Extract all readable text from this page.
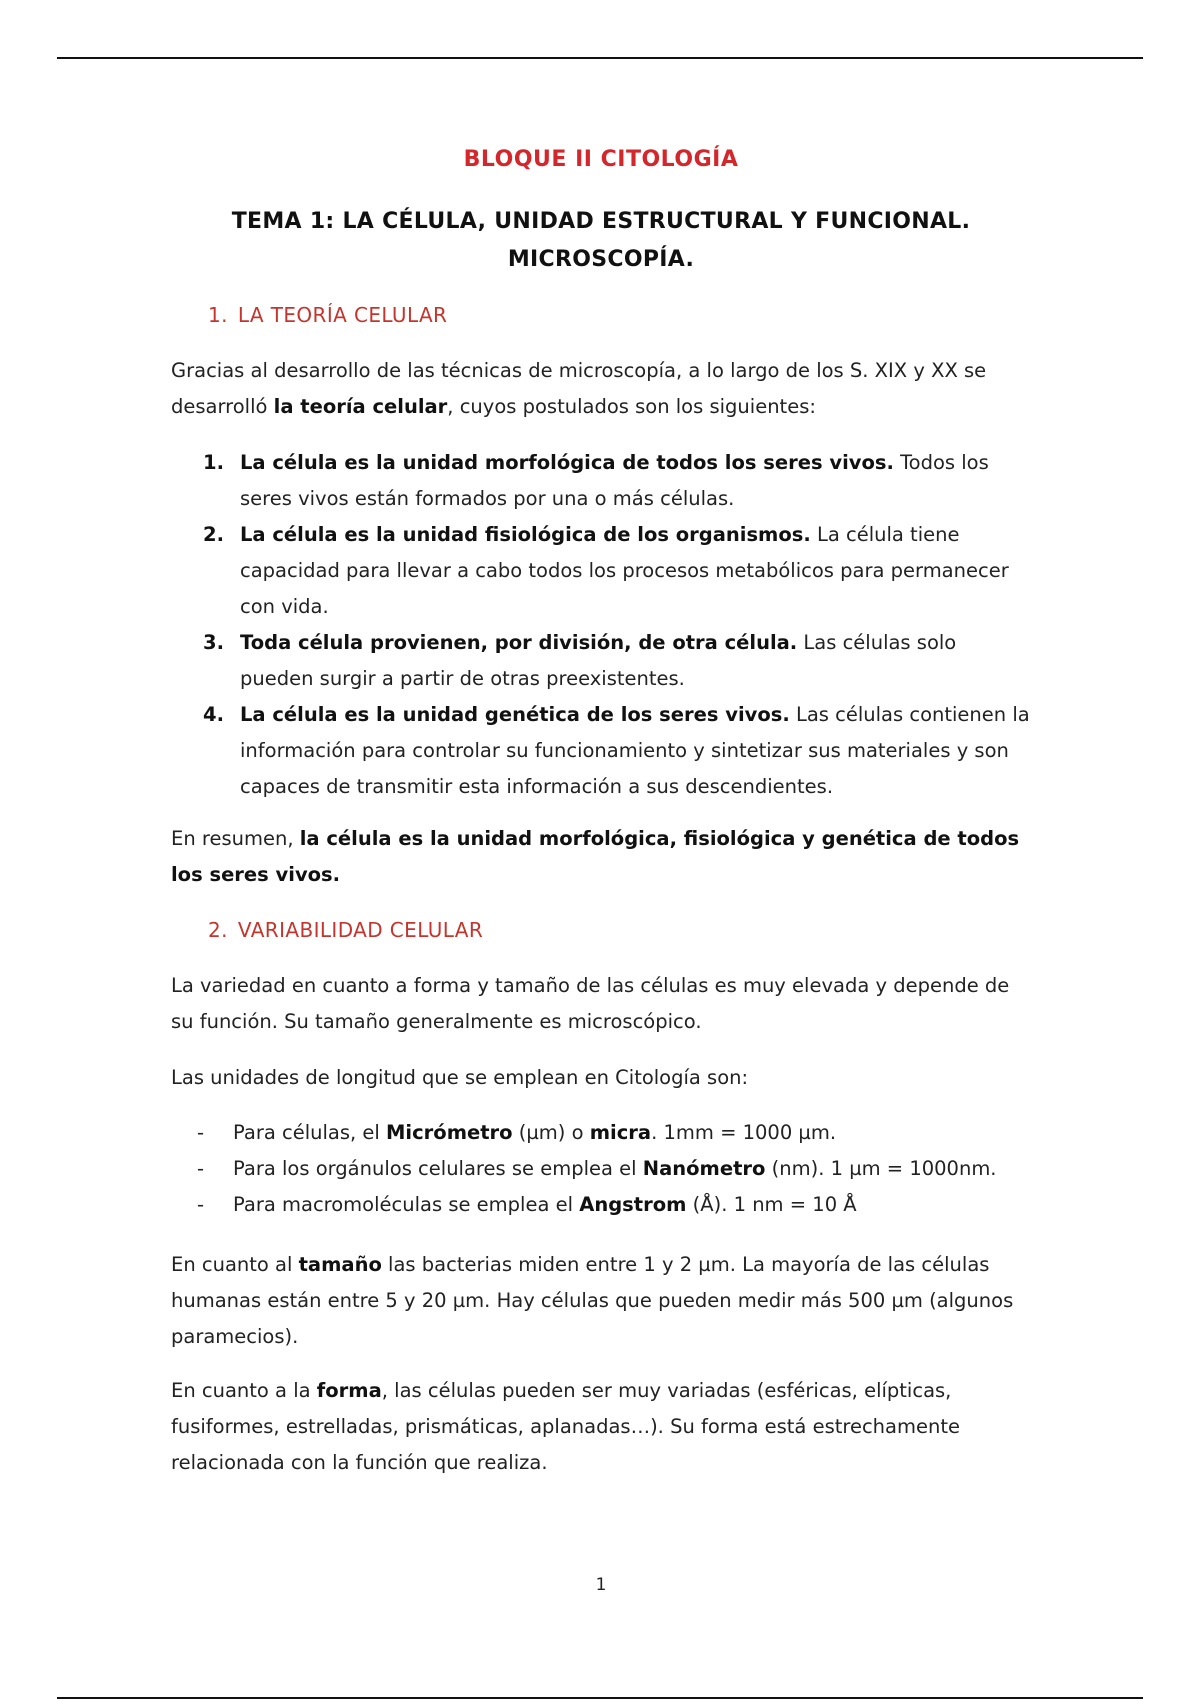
BLOQUE II CITOLOGÍA
TEMA 1: LA CÉLULA, UNIDAD ESTRUCTURAL Y FUNCIONAL.
MICROSCOPÍA.
1. LA TEORÍA CELULAR

Gracias al desarrollo de las técnicas de microscopía, a lo largo de los S. XIX y XX se desarrolló la teoría celular, cuyos postulados son los siguientes:

1. La célula es la unidad morfológica de todos los seres vivos. Todos los seres vivos están formados por una o más células.
2. La célula es la unidad fisiológica de los organismos. La célula tiene capacidad para llevar a cabo todos los procesos metabólicos para permanecer con vida.
3. Toda célula provienen, por división, de otra célula. Las células solo pueden surgir a partir de otras preexistentes.
4. La célula es la unidad genética de los seres vivos. Las células contienen la información para controlar su funcionamiento y sintetizar sus materiales y son capaces de transmitir esta información a sus descendientes.

En resumen, la célula es la unidad morfológica, fisiológica y genética de todos los seres vivos.

2. VARIABILIDAD CELULAR

La variedad en cuanto a forma y tamaño de las células es muy elevada y depende de su función. Su tamaño generalmente es microscópico.

Las unidades de longitud que se emplean en Citología son:

- Para células, el Micrómetro (µm) o micra. 1mm = 1000 µm.
- Para los orgánulos celulares se emplea el Nanómetro (nm). 1 µm = 1000nm.
- Para macromoléculas se emplea el Angstrom (Å). 1 nm = 10 Å

En cuanto al tamaño las bacterias miden entre 1 y 2 µm. La mayoría de las células humanas están entre 5 y 20 µm. Hay células que pueden medir más 500 µm (algunos paramecios).

En cuanto a la forma, las células pueden ser muy variadas (esféricas, elípticas, fusiformes, estrelladas, prismáticas, aplanadas…). Su forma está estrechamente relacionada con la función que realiza.

1
